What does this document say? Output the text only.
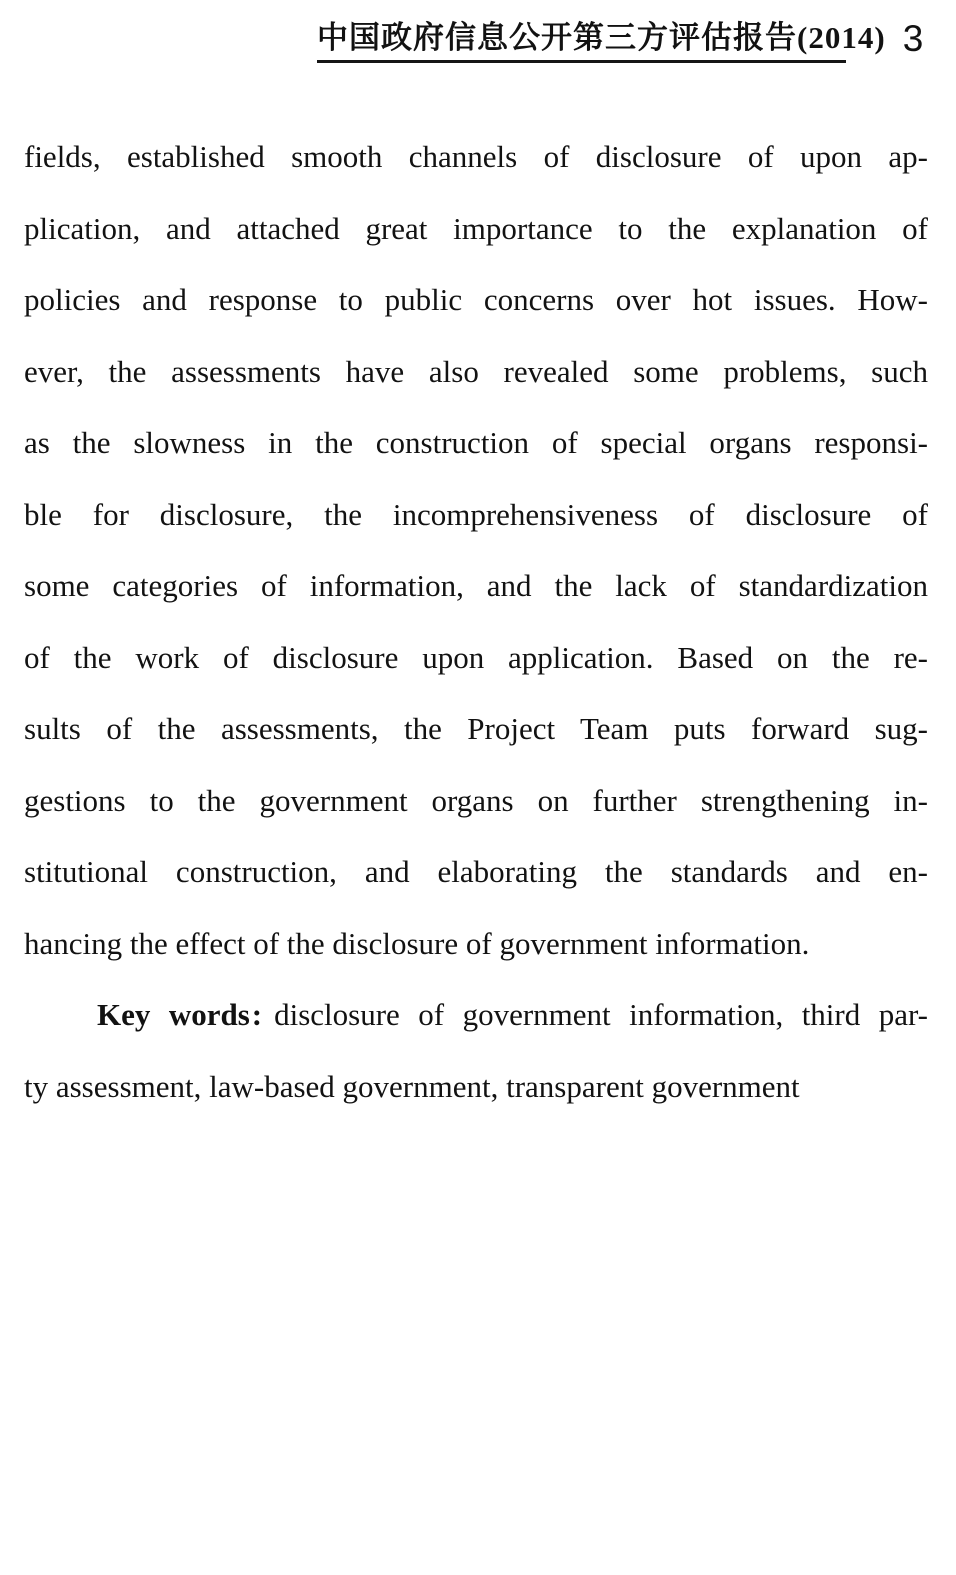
中国政府信息公开第三方评估报告(2014) 3
fields, established smooth channels of disclosure of upon ap-
plication, and attached great importance to the explanation of
policies and response to public concerns over hot issues. How-
ever, the assessments have also revealed some problems, such
as the slowness in the construction of special organs responsi-
ble for disclosure, the incomprehensiveness of disclosure of
some categories of information, and the lack of standardization
of the work of disclosure upon application. Based on the re-
sults of the assessments, the Project Team puts forward sug-
gestions to the government organs on further strengthening in-
stitutional construction, and elaborating the standards and en-
hancing the effect of the disclosure of government information.
Key words: disclosure of government information, third par-
ty assessment, law-based government, transparent government
